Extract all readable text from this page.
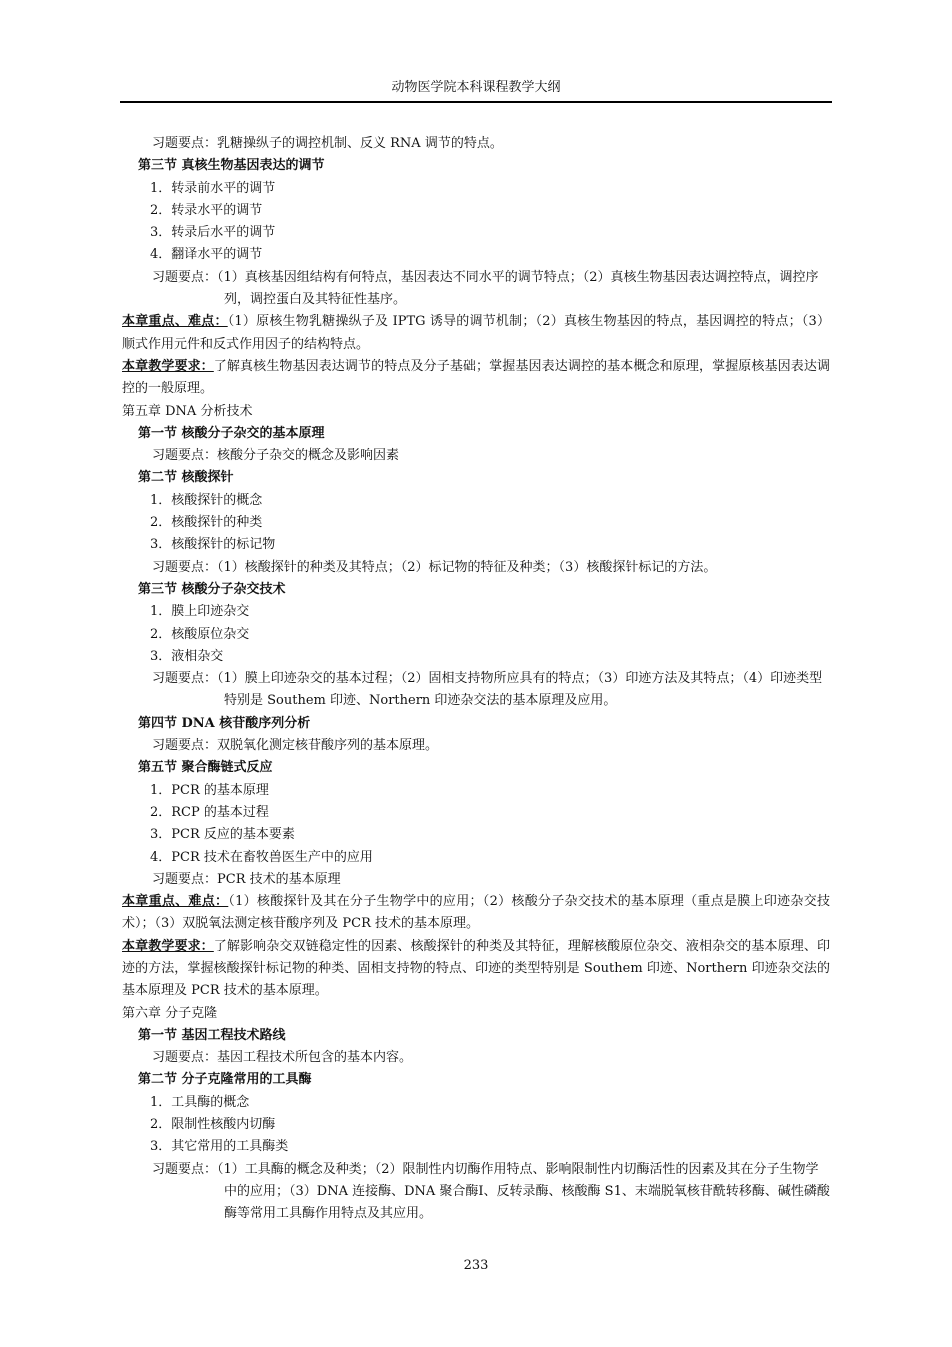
动物医学院本科课程教学大纲
习题要点：乳糖操纵子的调控机制、反义 RNA 调节的特点。
第三节 真核生物基因表达的调节
1．转录前水平的调节
2．转录水平的调节
3．转录后水平的调节
4．翻译水平的调节
习题要点：（1）真核基因组结构有何特点，基因表达不同水平的调节特点；（2）真核生物基因表达调控特点，调控序列，调控蛋白及其特征性基序。
本章重点、难点：（1）原核生物乳糖操纵子及 IPTG 诱导的调节机制；（2）真核生物基因的特点，基因调控的特点；（3）顺式作用元件和反式作用因子的结构特点。
本章教学要求：了解真核生物基因表达调节的特点及分子基础；掌握基因表达调控的基本概念和原理，掌握原核基因表达调控的一般原理。
第五章 DNA 分析技术
第一节 核酸分子杂交的基本原理
习题要点：核酸分子杂交的概念及影响因素
第二节 核酸探针
1．核酸探针的概念
2．核酸探针的种类
3．核酸探针的标记物
习题要点：（1）核酸探针的种类及其特点；（2）标记物的特征及种类；（3）核酸探针标记的方法。
第三节 核酸分子杂交技术
1．膜上印迹杂交
2．核酸原位杂交
3．液相杂交
习题要点：（1）膜上印迹杂交的基本过程；（2）固相支持物所应具有的特点；（3）印迹方法及其特点；（4）印迹类型特别是 Southem 印迹、Northern 印迹杂交法的基本原理及应用。
第四节 DNA 核苷酸序列分析
习题要点：双脱氧化测定核苷酸序列的基本原理。
第五节 聚合酶链式反应
1．PCR 的基本原理
2．RCP 的基本过程
3．PCR 反应的基本要素
4．PCR 技术在畜牧兽医生产中的应用
习题要点：PCR 技术的基本原理
本章重点、难点：（1）核酸探针及其在分子生物学中的应用；（2）核酸分子杂交技术的基本原理（重点是膜上印迹杂交技术）；（3）双脱氧法测定核苷酸序列及 PCR 技术的基本原理。
本章教学要求：了解影响杂交双链稳定性的因素、核酸探针的种类及其特征，理解核酸原位杂交、液相杂交的基本原理、印迹的方法，掌握核酸探针标记物的种类、固相支持物的特点、印迹的类型特别是 Southem 印迹、Northern 印迹杂交法的基本原理及 PCR 技术的基本原理。
第六章 分子克隆
第一节 基因工程技术路线
习题要点：基因工程技术所包含的基本内容。
第二节 分子克隆常用的工具酶
1．工具酶的概念
2．限制性核酸内切酶
3．其它常用的工具酶类
习题要点：（1）工具酶的概念及种类；（2）限制性内切酶作用特点、影响限制性内切酶活性的因素及其在分子生物学中的应用；（3）DNA 连接酶、DNA 聚合酶Ⅰ、反转录酶、核酸酶 S1、末端脱氧核苷酰转移酶、碱性磷酸酶等常用工具酶作用特点及其应用。
233
